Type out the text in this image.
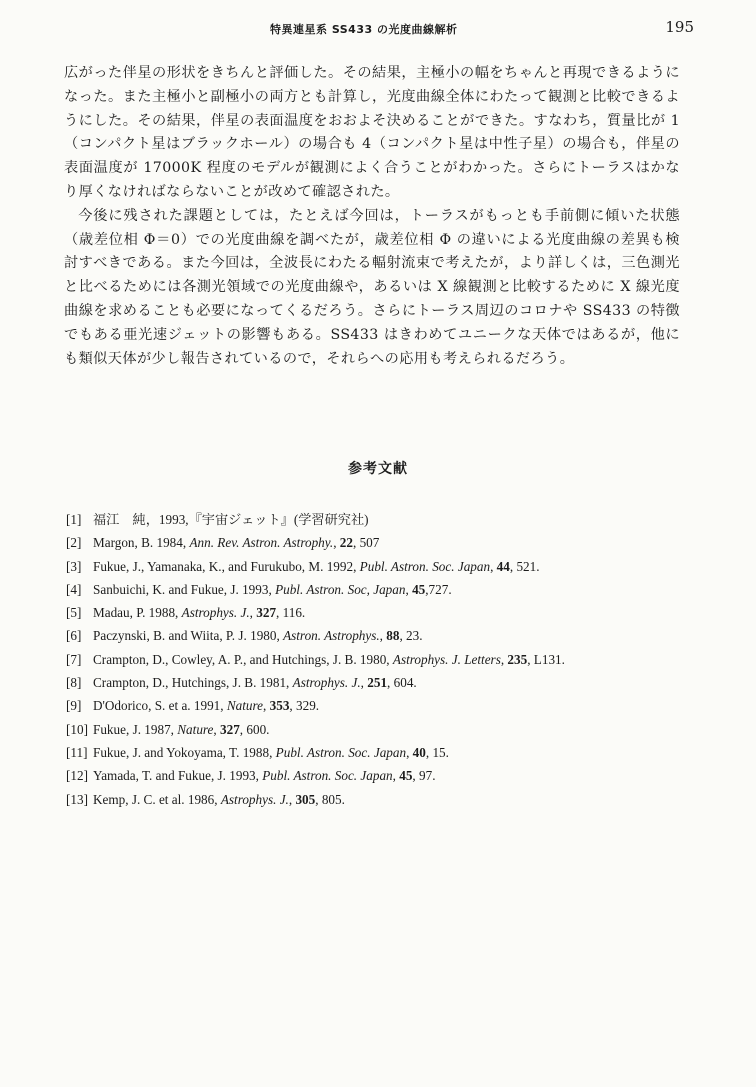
特異連星系 SS433 の光度曲線解析	195

広がった伴星の形状をきちんと評価した。その結果，主極小の幅をちゃんと再現できるようになった。また主極小と副極小の両方とも計算し，光度曲線全体にわたって観測と比較できるようにした。その結果，伴星の表面温度をおおよそ決めることができた。すなわち，質量比が 1（コンパクト星はブラックホール）の場合も 4（コンパクト星は中性子星）の場合も，伴星の表面温度が 17000K 程度のモデルが観測によく合うことがわかった。さらにトーラスはかなり厚くなければならないことが改めて確認された。

今後に残された課題としては，たとえば今回は，トーラスがもっとも手前側に傾いた状態（歳差位相 Φ＝0）での光度曲線を調べたが，歳差位相 Φ の違いによる光度曲線の差異も検討すべきである。また今回は，全波長にわたる輻射流束で考えたが，より詳しくは，三色測光と比べるためには各測光領域での光度曲線や，あるいは X 線観測と比較するために X 線光度曲線を求めることも必要になってくるだろう。さらにトーラス周辺のコロナや SS433 の特徴でもある亜光速ジェットの影響もある。SS433 はきわめてユニークな天体ではあるが，他にも類似天体が少し報告されているので，それらへの応用も考えられるだろう。

参考文献
[1] 福江　純，1993,『宇宙ジェット』(学習研究社)
[2] Margon, B. 1984, Ann. Rev. Astron. Astrophy., 22, 507
[3] Fukue, J., Yamanaka, K., and Furukubo, M. 1992, Publ. Astron. Soc. Japan, 44, 521.
[4] Sanbuichi, K. and Fukue, J. 1993, Publ. Astron. Soc, Japan, 45,727.
[5] Madau, P. 1988, Astrophys. J., 327, 116.
[6] Paczynski, B. and Wiita, P. J. 1980, Astron. Astrophys., 88, 23.
[7] Crampton, D., Cowley, A. P., and Hutchings, J. B. 1980, Astrophys. J. Letters, 235, L131.
[8] Crampton, D., Hutchings, J. B. 1981, Astrophys. J., 251, 604.
[9] D'Odorico, S. et a. 1991, Nature, 353, 329.
[10] Fukue, J. 1987, Nature, 327, 600.
[11] Fukue, J. and Yokoyama, T. 1988, Publ. Astron. Soc. Japan, 40, 15.
[12] Yamada, T. and Fukue, J. 1993, Publ. Astron. Soc. Japan, 45, 97.
[13] Kemp, J. C. et al. 1986, Astrophys. J., 305, 805.
